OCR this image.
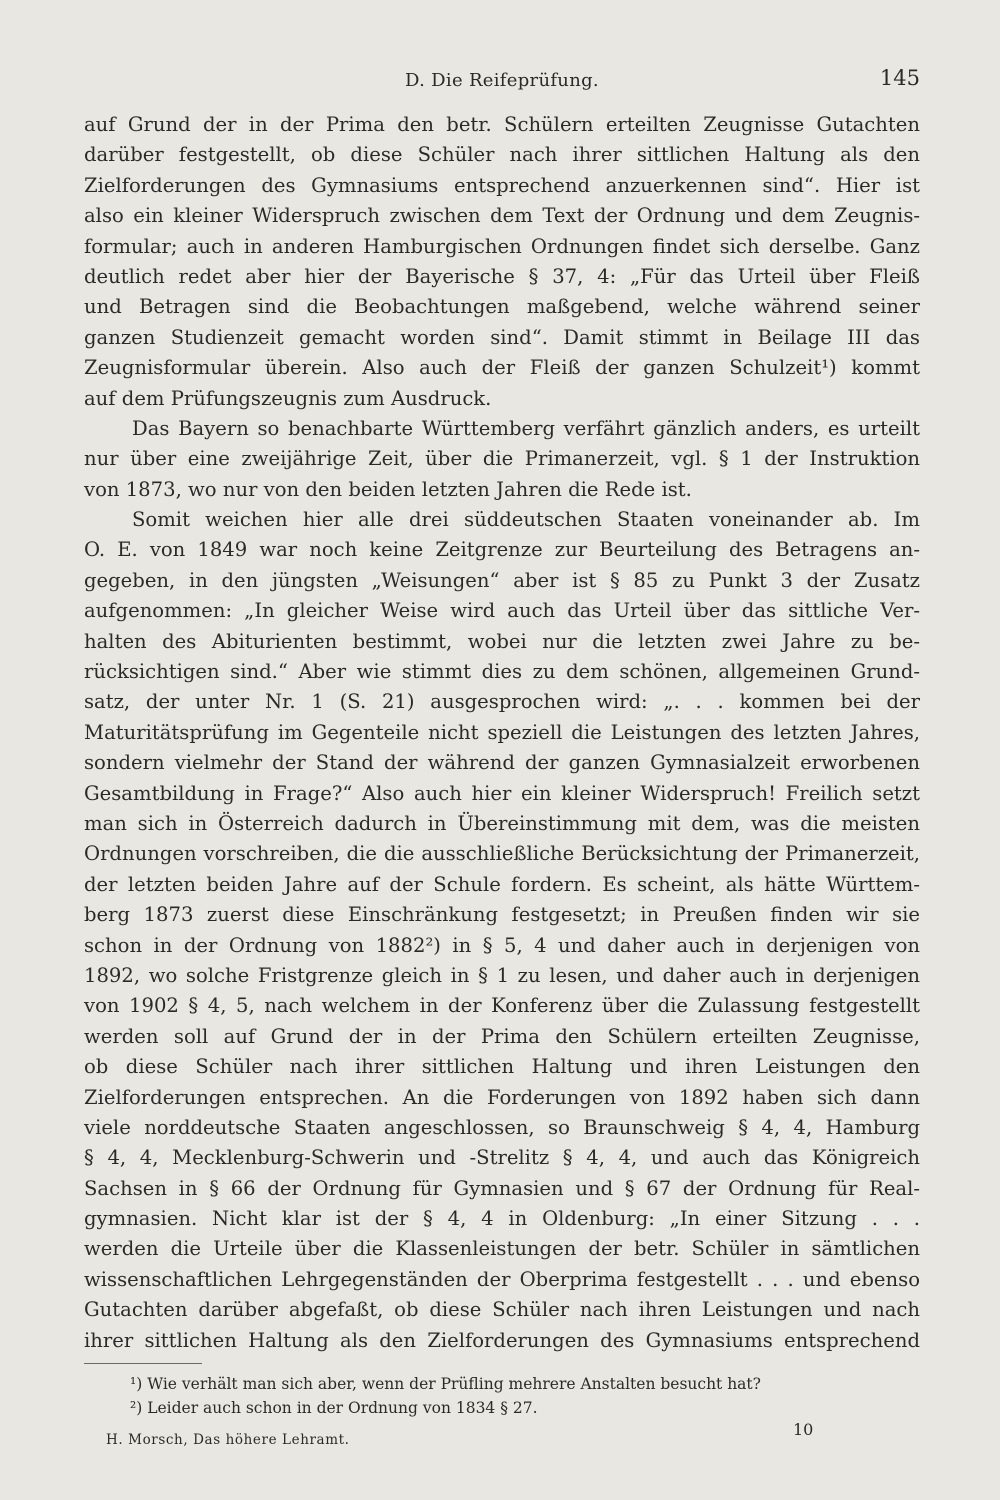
D. Die Reifeprüfung.	145
auf Grund der in der Prima den betr. Schülern erteilten Zeugnisse Gutachten
darüber festgestellt, ob diese Schüler nach ihrer sittlichen Haltung als den
Zielforderungen des Gymnasiums entsprechend anzuerkennen sind“. Hier ist
also ein kleiner Widerspruch zwischen dem Text der Ordnung und dem Zeugnis-
formular; auch in anderen Hamburgischen Ordnungen findet sich derselbe. Ganz
deutlich redet aber hier der Bayerische § 37, 4: „Für das Urteil über Fleiß
und Betragen sind die Beobachtungen maßgebend, welche während seiner
ganzen Studienzeit gemacht worden sind“. Damit stimmt in Beilage III das
Zeugnisformular überein. Also auch der Fleiß der ganzen Schulzeit¹) kommt
auf dem Prüfungszeugnis zum Ausdruck.
Das Bayern so benachbarte Württemberg verfährt gänzlich anders, es urteilt
nur über eine zweijährige Zeit, über die Primanerzeit, vgl. § 1 der Instruktion
von 1873, wo nur von den beiden letzten Jahren die Rede ist.
Somit weichen hier alle drei süddeutschen Staaten voneinander ab. Im
O. E. von 1849 war noch keine Zeitgrenze zur Beurteilung des Betragens an-
gegeben, in den jüngsten „Weisungen“ aber ist § 85 zu Punkt 3 der Zusatz
aufgenommen: „In gleicher Weise wird auch das Urteil über das sittliche Ver-
halten des Abiturienten bestimmt, wobei nur die letzten zwei Jahre zu be-
rücksichtigen sind.“ Aber wie stimmt dies zu dem schönen, allgemeinen Grund-
satz, der unter Nr. 1 (S. 21) ausgesprochen wird: „. . . kommen bei der
Maturitätsprüfung im Gegenteile nicht speziell die Leistungen des letzten Jahres,
sondern vielmehr der Stand der während der ganzen Gymnasialzeit erworbenen
Gesamtbildung in Frage?“ Also auch hier ein kleiner Widerspruch! Freilich setzt
man sich in Österreich dadurch in Übereinstimmung mit dem, was die meisten
Ordnungen vorschreiben, die die ausschließliche Berücksichtung der Primanerzeit,
der letzten beiden Jahre auf der Schule fordern. Es scheint, als hätte Württem-
berg 1873 zuerst diese Einschränkung festgesetzt; in Preußen finden wir sie
schon in der Ordnung von 1882²) in § 5, 4 und daher auch in derjenigen von
1892, wo solche Fristgrenze gleich in § 1 zu lesen, und daher auch in derjenigen
von 1902 § 4, 5, nach welchem in der Konferenz über die Zulassung festgestellt
werden soll auf Grund der in der Prima den Schülern erteilten Zeugnisse,
ob diese Schüler nach ihrer sittlichen Haltung und ihren Leistungen den
Zielforderungen entsprechen. An die Forderungen von 1892 haben sich dann
viele norddeutsche Staaten angeschlossen, so Braunschweig § 4, 4, Hamburg
§ 4, 4, Mecklenburg-Schwerin und -Strelitz § 4, 4, und auch das Königreich
Sachsen in § 66 der Ordnung für Gymnasien und § 67 der Ordnung für Real-
gymnasien. Nicht klar ist der § 4, 4 in Oldenburg: „In einer Sitzung . . .
werden die Urteile über die Klassenleistungen der betr. Schüler in sämtlichen
wissenschaftlichen Lehrgegenständen der Oberprima festgestellt . . . und ebenso
Gutachten darüber abgefaßt, ob diese Schüler nach ihren Leistungen und nach
ihrer sittlichen Haltung als den Zielforderungen des Gymnasiums entsprechend
¹) Wie verhält man sich aber, wenn der Prüfling mehrere Anstalten besucht hat?
²) Leider auch schon in der Ordnung von 1834 § 27.
H. Morsch, Das höhere Lehramt.
10
